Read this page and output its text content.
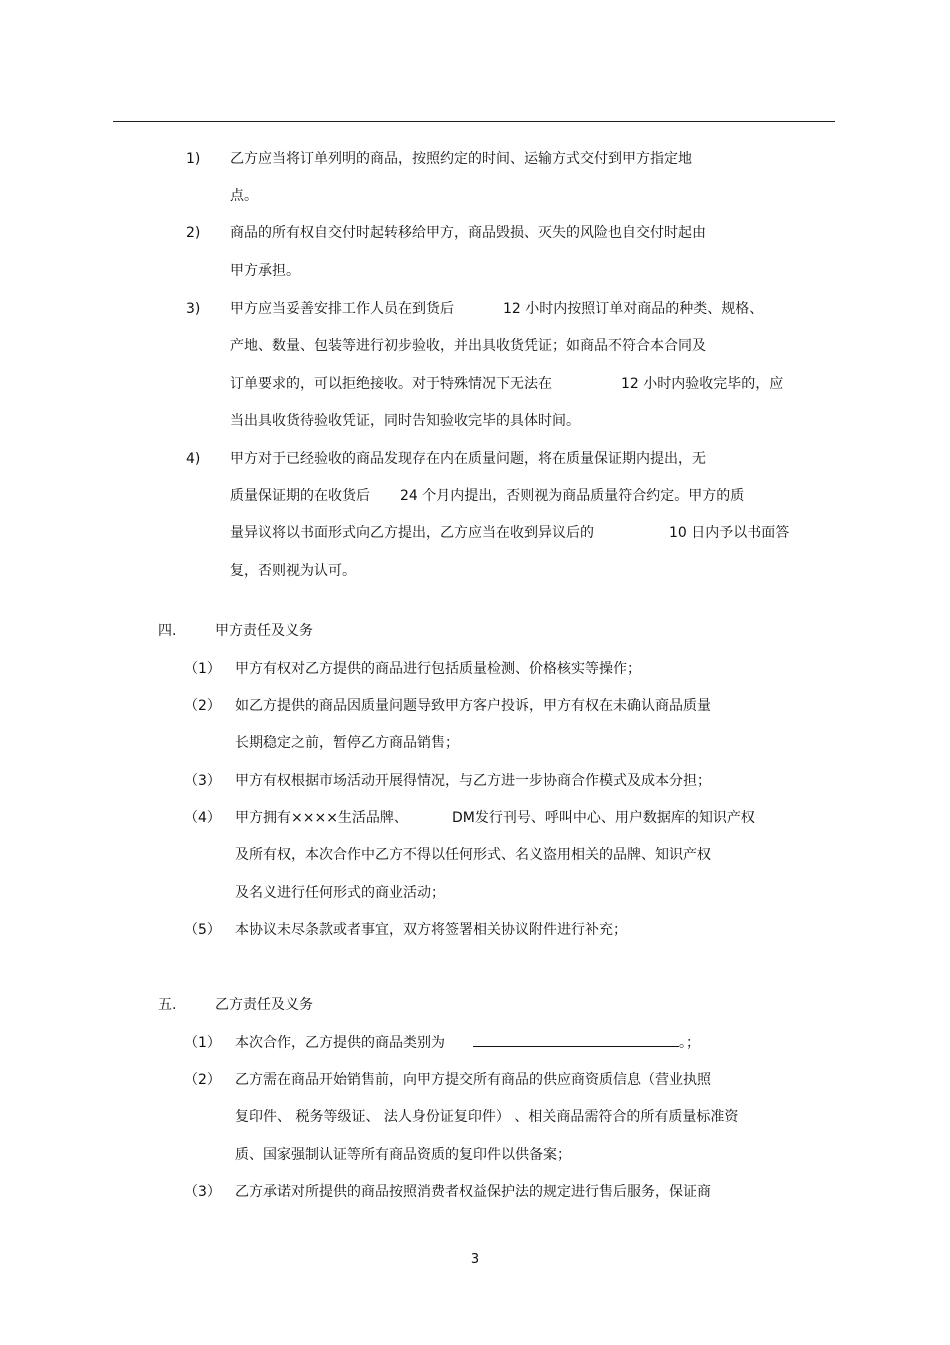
1) 乙方应当将订单列明的商品，按照约定的时间、运输方式交付到甲方指定地
点。
2) 商品的所有权自交付时起转移给甲方，商品毁损、灭失的风险也自交付时起由
甲方承担。
3) 甲方应当妥善安排工作人员在到货后	12 小时内按照订单对商品的种类、规格、
产地、数量、包装等进行初步验收，并出具收货凭证；如商品不符合本合同及
订单要求的，可以拒绝接收。对于特殊情况下无法在	12 小时内验收完毕的，应
当出具收货待验收凭证，同时告知验收完毕的具体时间。
4) 甲方对于已经验收的商品发现存在内在质量问题，将在质量保证期内提出，无
质量保证期的在收货后 24 个月内提出，否则视为商品质量符合约定。甲方的质
量异议将以书面形式向乙方提出，乙方应当在收到异议后的	10 日内予以书面答
复，否则视为认可。
四.	甲方责任及义务
（1） 甲方有权对乙方提供的商品进行包括质量检测、价格核实等操作；
（2） 如乙方提供的商品因质量问题导致甲方客户投诉，甲方有权在未确认商品质量
长期稳定之前，暂停乙方商品销售；
（3） 甲方有权根据市场活动开展得情况，与乙方进一步协商合作模式及成本分担；
（4） 甲方拥有××××生活品牌、	DM发行刊号、呼叫中心、用户数据库的知识产权
及所有权，本次合作中乙方不得以任何形式、名义盗用相关的品牌、知识产权
及名义进行任何形式的商业活动；
（5） 本协议未尽条款或者事宜，双方将签署相关协议附件进行补充；
五.	乙方责任及义务
（1） 本次合作，乙方提供的商品类别为	。；
（2） 乙方需在商品开始销售前，向甲方提交所有商品的供应商资质信息（营业执照
复印件、 税务等级证、 法人身份证复印件） 、相关商品需符合的所有质量标准资
质、国家强制认证等所有商品资质的复印件以供备案；
（3） 乙方承诺对所提供的商品按照消费者权益保护法的规定进行售后服务，保证商
3
